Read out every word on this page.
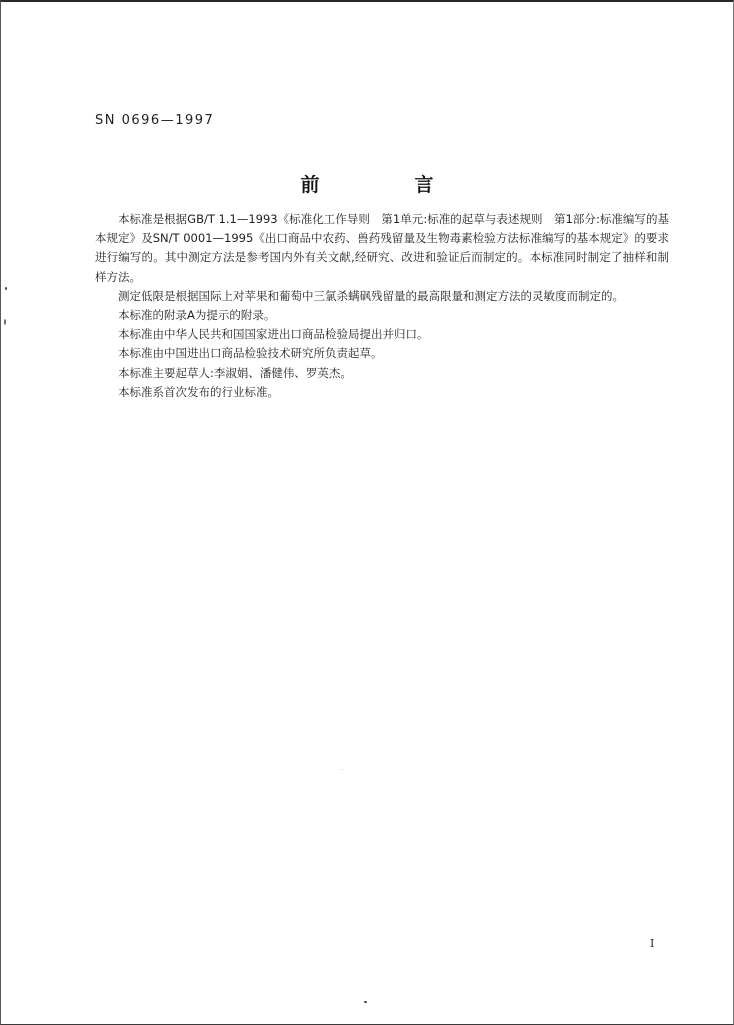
SN 0696—1997
前　言

本标准是根据GB/T 1.1—1993《标准化工作导则　第1单元:标准的起草与表述规则　第1部分:标准编写的基本规定》及SN/T 0001—1995《出口商品中农药、兽药残留量及生物毒素检验方法标准编写的基本规定》的要求进行编写的。其中测定方法是参考国内外有关文献,经研究、改进和验证后而制定的。本标准同时制定了抽样和制样方法。

测定低限是根据国际上对苹果和葡萄中三氯杀螨砜残留量的最高限量和测定方法的灵敏度而制定的。

本标准的附录A为提示的附录。

本标准由中华人民共和国国家进出口商品检验局提出并归口。

本标准由中国进出口商品检验技术研究所负责起草。

本标准主要起草人:李淑娟、潘健伟、罗英杰。

本标准系首次发布的行业标准。

I
